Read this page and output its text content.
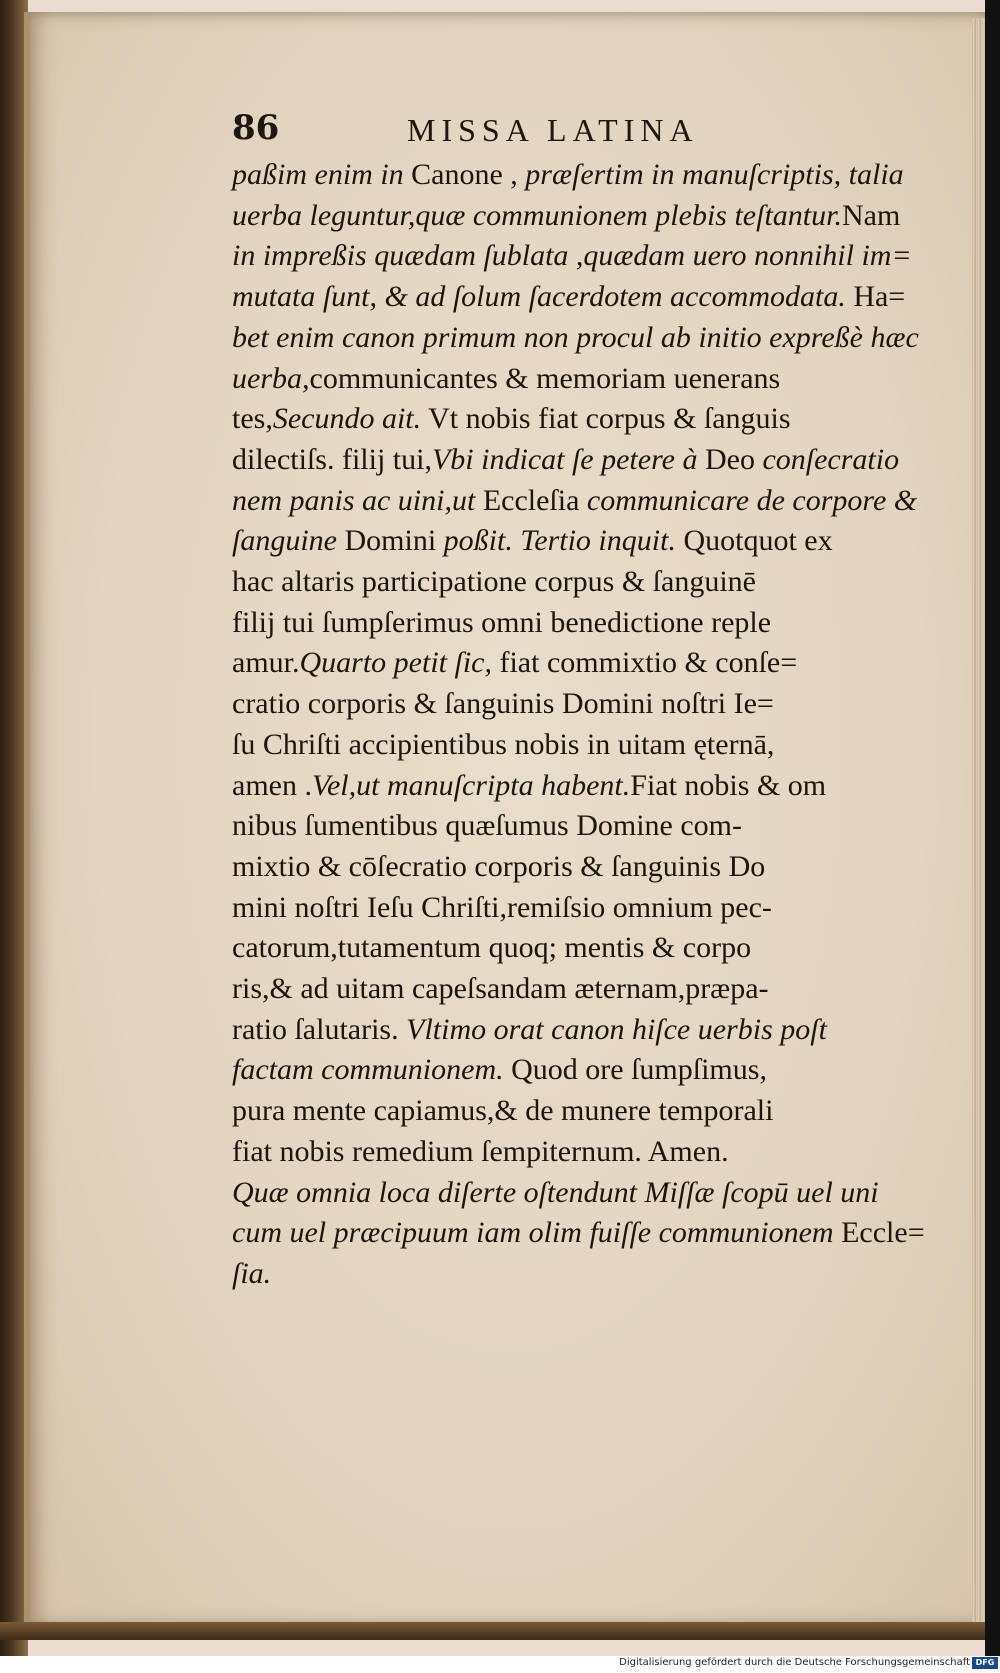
86	MISSA LATINA
paßim enim in Canone , præſertim in manuſcriptis, talia
uerba leguntur,quæ communionem plebis teſtantur.Nam
in impreßis quædam ſublata ,quædam uero nonnihil im=
mutata ſunt, & ad ſolum ſacerdotem accommodata. Ha=
bet enim canon primum non procul ab initio expreßè hæc
uerba,communicantes & memoriam uenerans
tes,Secundo ait. Vt nobis fiat corpus & ſanguis
dilectiſs. filij tui,Vbi indicat ſe petere à Deo conſecratio
nem panis ac uini,ut Eccleſia communicare de corpore &
ſanguine Domini poßit. Tertio inquit. Quotquot ex
hac altaris participatione corpus & ſanguinē
filij tui ſumpſerimus omni benedictione reple
amur.Quarto petit ſic, fiat commixtio & conſe=
cratio corporis & ſanguinis Domini noſtri Ie=
ſu Chriſti accipientibus nobis in uitam ęternā,
amen .Vel,ut manuſcripta habent.Fiat nobis & om
nibus ſumentibus quæſumus Domine com-
mixtio & cōſecratio corporis & ſanguinis Do
mini noſtri Ieſu Chriſti,remiſsio omnium pec-
catorum,tutamentum quoq; mentis & corpo
ris,& ad uitam capeſsandam æternam,præpa-
ratio ſalutaris. Vltimo orat canon hiſce uerbis poſt
factam communionem. Quod ore ſumpſimus,
pura mente capiamus,& de munere temporali
fiat nobis remedium ſempiternum. Amen.
Quæ omnia loca diſerte oſtendunt Miſſæ ſcopū uel uni
cum uel præcipuum iam olim fuiſſe communionem Eccle=
ſia.
Digitalisierung gefördert durch die Deutsche Forschungsgemeinschaft DFG
